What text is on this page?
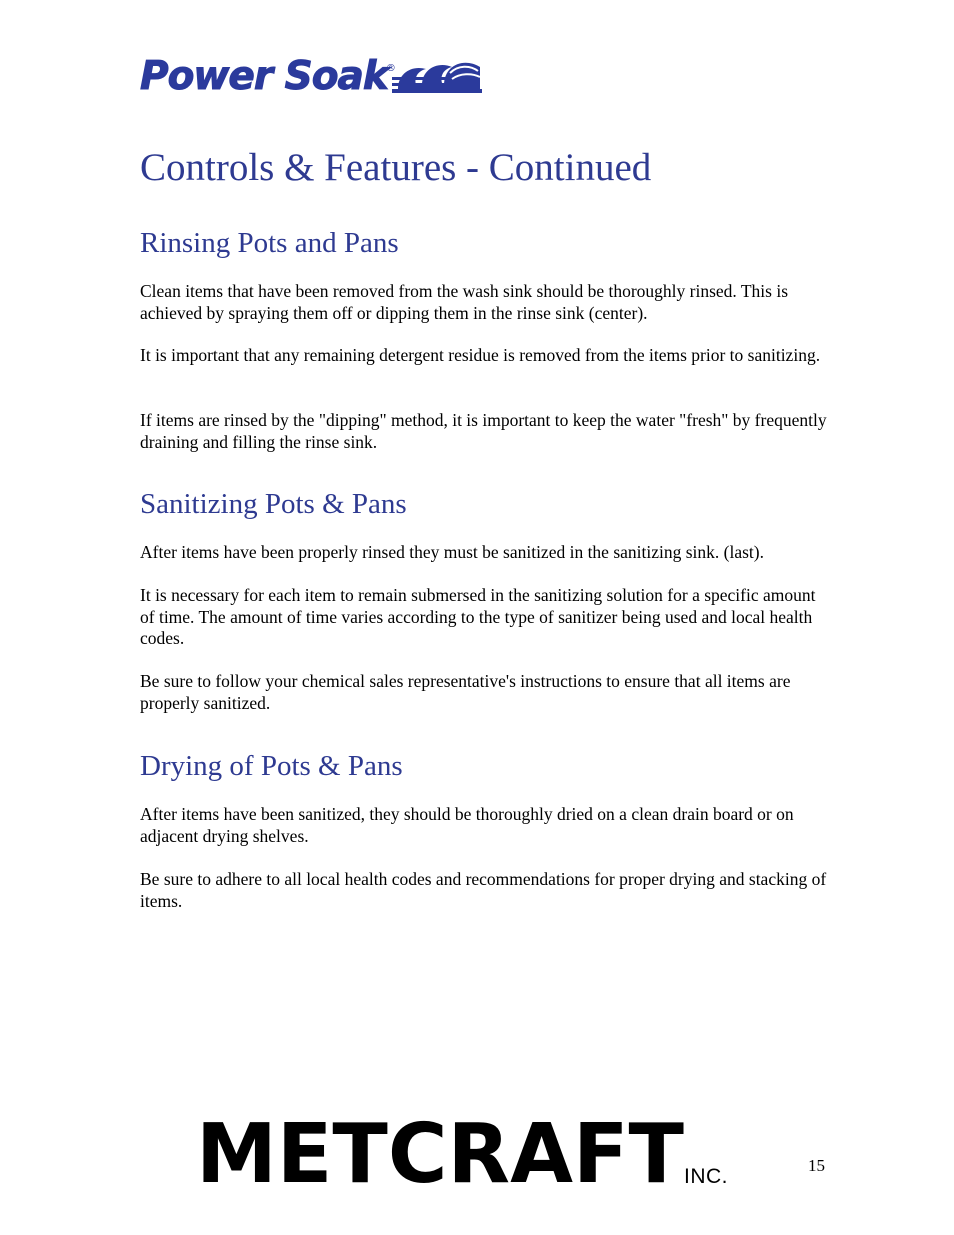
Power Soak
®
Controls & Features - Continued
Rinsing Pots and Pans

Clean items that have been removed from the wash sink should be thoroughly rinsed. This is achieved by spraying them off or dipping them in the rinse sink (center).

It is important that any remaining detergent residue is removed from the items prior to sanitizing.

If items are rinsed by the "dipping" method, it is important to keep the water "fresh" by frequently draining and filling the rinse sink.

Sanitizing Pots & Pans

After items have been properly rinsed they must be sanitized in the sanitizing sink. (last).

It is necessary for each item to remain submersed in the sanitizing solution for a specific amount of time. The amount of time varies according to the type of sanitizer being used and local health codes.

Be sure to follow your chemical sales representative's instructions to ensure that all items are properly sanitized.

Drying of Pots & Pans

After items have been sanitized, they should be thoroughly dried on a clean drain board or on adjacent drying shelves.

Be sure to adhere to all local health codes and recommendations for proper drying and stacking of items.

METCRAFT INC.	15
